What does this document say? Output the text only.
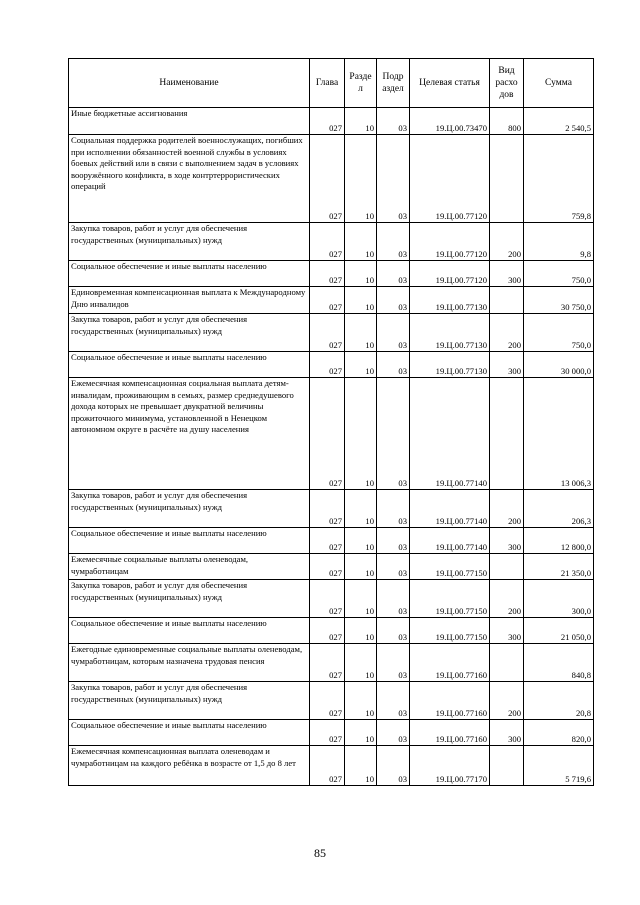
Наименование	Глава	Разде л	Подр аздел	Целевая статья	Вид расхо дов	Сумма
Иные бюджетные ассигнования	027	10	03	19.Ц.00.73470	800	2 540,5
Социальная поддержка родителей военнослужащих, погибших при исполнении обязанностей военной службы в условиях боевых действий или в связи с выполнением задач в условиях вооружённого конфликта, в ходе контртеррористических операций	027	10	03	19.Ц.00.77120		759,8
Закупка товаров, работ и услуг для обеспечения государственных (муниципальных) нужд	027	10	03	19.Ц.00.77120	200	9,8
Социальное обеспечение и иные выплаты населению	027	10	03	19.Ц.00.77120	300	750,0
Единовременная компенсационная выплата к Международному Дню инвалидов	027	10	03	19.Ц.00.77130		30 750,0
Закупка товаров, работ и услуг для обеспечения государственных (муниципальных) нужд	027	10	03	19.Ц.00.77130	200	750,0
Социальное обеспечение и иные выплаты населению	027	10	03	19.Ц.00.77130	300	30 000,0
Ежемесячная компенсационная социальная выплата детям-инвалидам, проживающим в семьях, размер среднедушевого дохода которых не превышает двукратной величины прожиточного минимума, установленной в Ненецком автономном округе в расчёте на душу населения	027	10	03	19.Ц.00.77140		13 006,3
Закупка товаров, работ и услуг для обеспечения государственных (муниципальных) нужд	027	10	03	19.Ц.00.77140	200	206,3
Социальное обеспечение и иные выплаты населению	027	10	03	19.Ц.00.77140	300	12 800,0
Ежемесячные социальные выплаты оленеводам, чумработницам	027	10	03	19.Ц.00.77150		21 350,0
Закупка товаров, работ и услуг для обеспечения государственных (муниципальных) нужд	027	10	03	19.Ц.00.77150	200	300,0
Социальное обеспечение и иные выплаты населению	027	10	03	19.Ц.00.77150	300	21 050,0
Ежегодные единовременные социальные выплаты оленеводам, чумработницам, которым назначена трудовая пенсия	027	10	03	19.Ц.00.77160		840,8
Закупка товаров, работ и услуг для обеспечения государственных (муниципальных) нужд	027	10	03	19.Ц.00.77160	200	20,8
Социальное обеспечение и иные выплаты населению	027	10	03	19.Ц.00.77160	300	820,0
Ежемесячная компенсационная выплата оленеводам и чумработницам на каждого ребёнка в возрасте от 1,5 до 8 лет	027	10	03	19.Ц.00.77170		5 719,6
85
